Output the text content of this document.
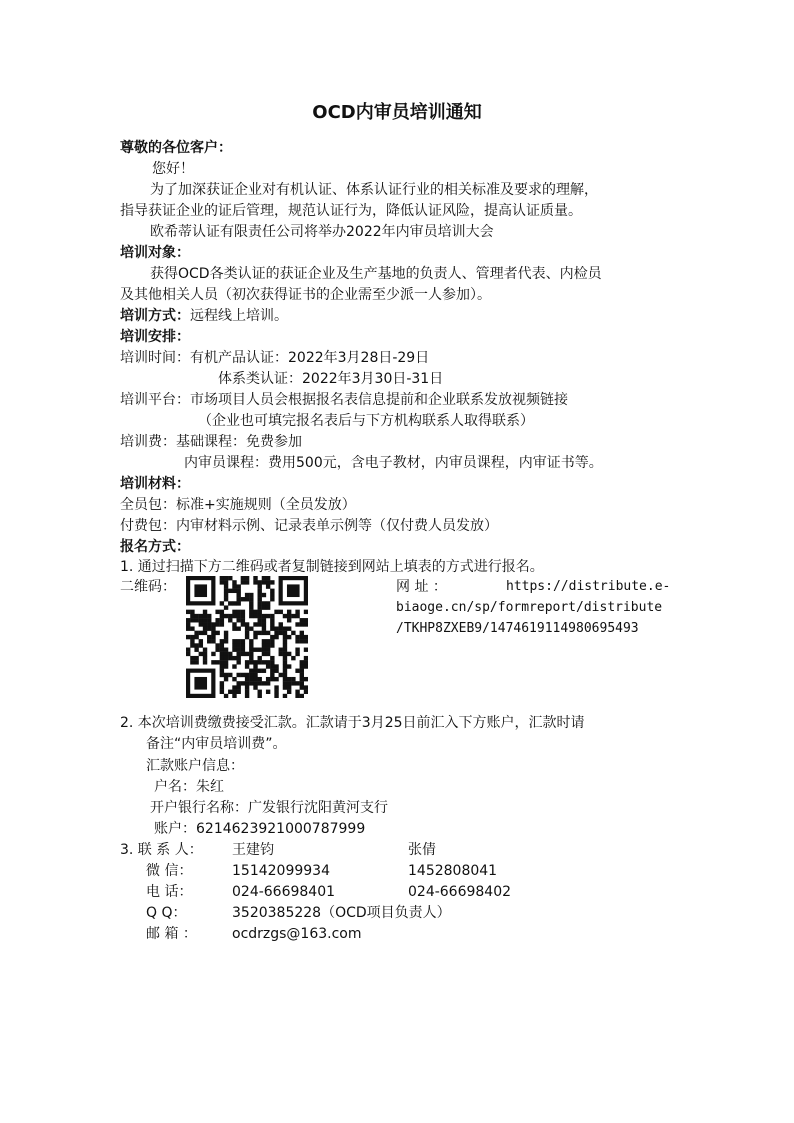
OCD内审员培训通知
尊敬的各位客户：
您好！
为了加深获证企业对有机认证、体系认证行业的相关标准及要求的理解，
指导获证企业的证后管理，规范认证行为，降低认证风险，提高认证质量。
欧希蒂认证有限责任公司将举办2022年内审员培训大会
培训对象：
获得OCD各类认证的获证企业及生产基地的负责人、管理者代表、内检员
及其他相关人员（初次获得证书的企业需至少派一人参加）。
培训方式：远程线上培训。
培训安排：
培训时间：有机产品认证：2022年3月28日-29日
体系类认证：2022年3月30日-31日
培训平台：市场项目人员会根据报名表信息提前和企业联系发放视频链接
（企业也可填完报名表后与下方机构联系人取得联系）
培训费：基础课程：免费参加
内审员课程：费用500元，含电子教材，内审员课程，内审证书等。
培训材料：
全员包：标准+实施规则（全员发放）
付费包：内审材料示例、记录表单示例等（仅付费人员发放）
报名方式：
1. 通过扫描下方二维码或者复制链接到网站上填表的方式进行报名。
二维码：	网 址 ：	https://distribute.e-
biaoge.cn/sp/formreport/distribute
/TKHP8ZXEB9/1474619114980695493
2. 本次培训费缴费接受汇款。汇款请于3月25日前汇入下方账户，汇款时请
备注“内审员培训费”。
汇款账户信息：
户名：朱红
开户银行名称：广发银行沈阳黄河支行
账户：6214623921000787999
3. 联 系 人： 王建钧	张倩
微 信：	15142099934	1452808041
电 话：	024-66698401	024-66698402
Q Q：	3520385228（OCD项目负责人）
邮 箱 ：	ocdrzgs@163.com
